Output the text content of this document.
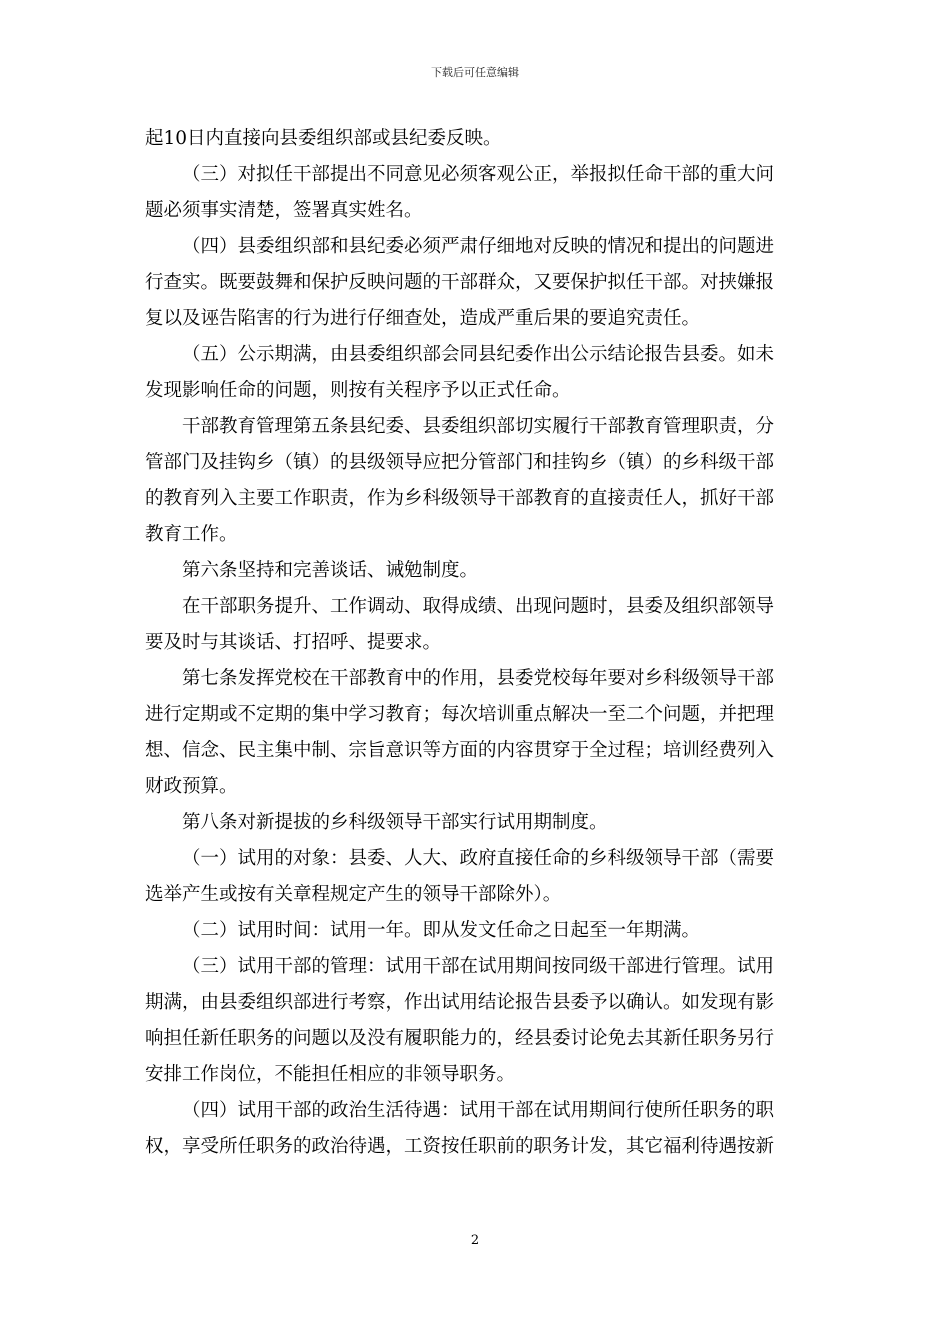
下载后可任意编辑
起10日内直接向县委组织部或县纪委反映。
（三）对拟任干部提出不同意见必须客观公正，举报拟任命干部的重大问
题必须事实清楚，签署真实姓名。
（四）县委组织部和县纪委必须严肃仔细地对反映的情况和提出的问题进
行查实。既要鼓舞和保护反映问题的干部群众，又要保护拟任干部。对挟嫌报
复以及诬告陷害的行为进行仔细查处，造成严重后果的要追究责任。
（五）公示期满，由县委组织部会同县纪委作出公示结论报告县委。如未
发现影响任命的问题，则按有关程序予以正式任命。
干部教育管理第五条县纪委、县委组织部切实履行干部教育管理职责，分
管部门及挂钩乡（镇）的县级领导应把分管部门和挂钩乡（镇）的乡科级干部
的教育列入主要工作职责，作为乡科级领导干部教育的直接责任人，抓好干部
教育工作。
第六条坚持和完善谈话、诫勉制度。
在干部职务提升、工作调动、取得成绩、出现问题时，县委及组织部领导
要及时与其谈话、打招呼、提要求。
第七条发挥党校在干部教育中的作用，县委党校每年要对乡科级领导干部
进行定期或不定期的集中学习教育；每次培训重点解决一至二个问题，并把理
想、信念、民主集中制、宗旨意识等方面的内容贯穿于全过程；培训经费列入
财政预算。
第八条对新提拔的乡科级领导干部实行试用期制度。
（一）试用的对象：县委、人大、政府直接任命的乡科级领导干部（需要
选举产生或按有关章程规定产生的领导干部除外）。
（二）试用时间：试用一年。即从发文任命之日起至一年期满。
（三）试用干部的管理：试用干部在试用期间按同级干部进行管理。试用
期满，由县委组织部进行考察，作出试用结论报告县委予以确认。如发现有影
响担任新任职务的问题以及没有履职能力的，经县委讨论免去其新任职务另行
安排工作岗位，不能担任相应的非领导职务。
（四）试用干部的政治生活待遇：试用干部在试用期间行使所任职务的职
权，享受所任职务的政治待遇，工资按任职前的职务计发，其它福利待遇按新
2
